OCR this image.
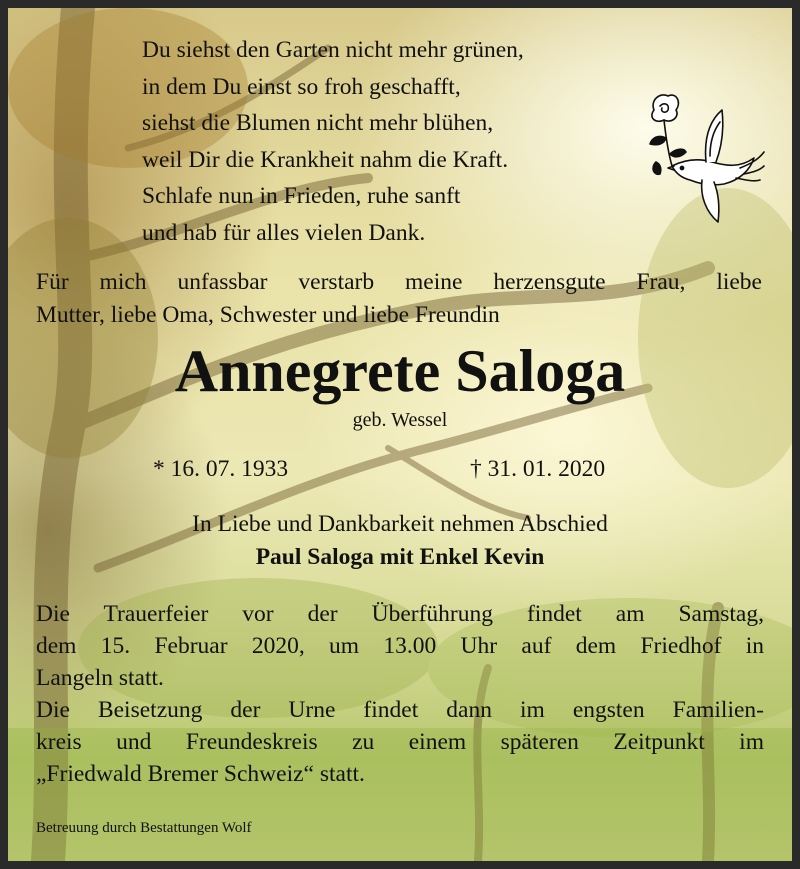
Du siehst den Garten nicht mehr grünen,
in dem Du einst so froh geschafft,
siehst die Blumen nicht mehr blühen,
weil Dir die Krankheit nahm die Kraft.
Schlafe nun in Frieden, ruhe sanft
und hab für alles vielen Dank.
Für mich unfassbar verstarb meine herzensgute Frau, liebe
Mutter, liebe Oma, Schwester und liebe Freundin
Annegrete Saloga
geb. Wessel
* 16. 07. 1933	† 31. 01. 2020
In Liebe und Dankbarkeit nehmen Abschied
Paul Saloga mit Enkel Kevin
Die Trauerfeier vor der Überführung findet am Samstag,
dem 15. Februar 2020, um 13.00 Uhr auf dem Friedhof in
Langeln statt.
Die Beisetzung der Urne findet dann im engsten Familien-
kreis und Freundeskreis zu einem späteren Zeitpunkt im
„Friedwald Bremer Schweiz“ statt.
Betreuung durch Bestattungen Wolf
